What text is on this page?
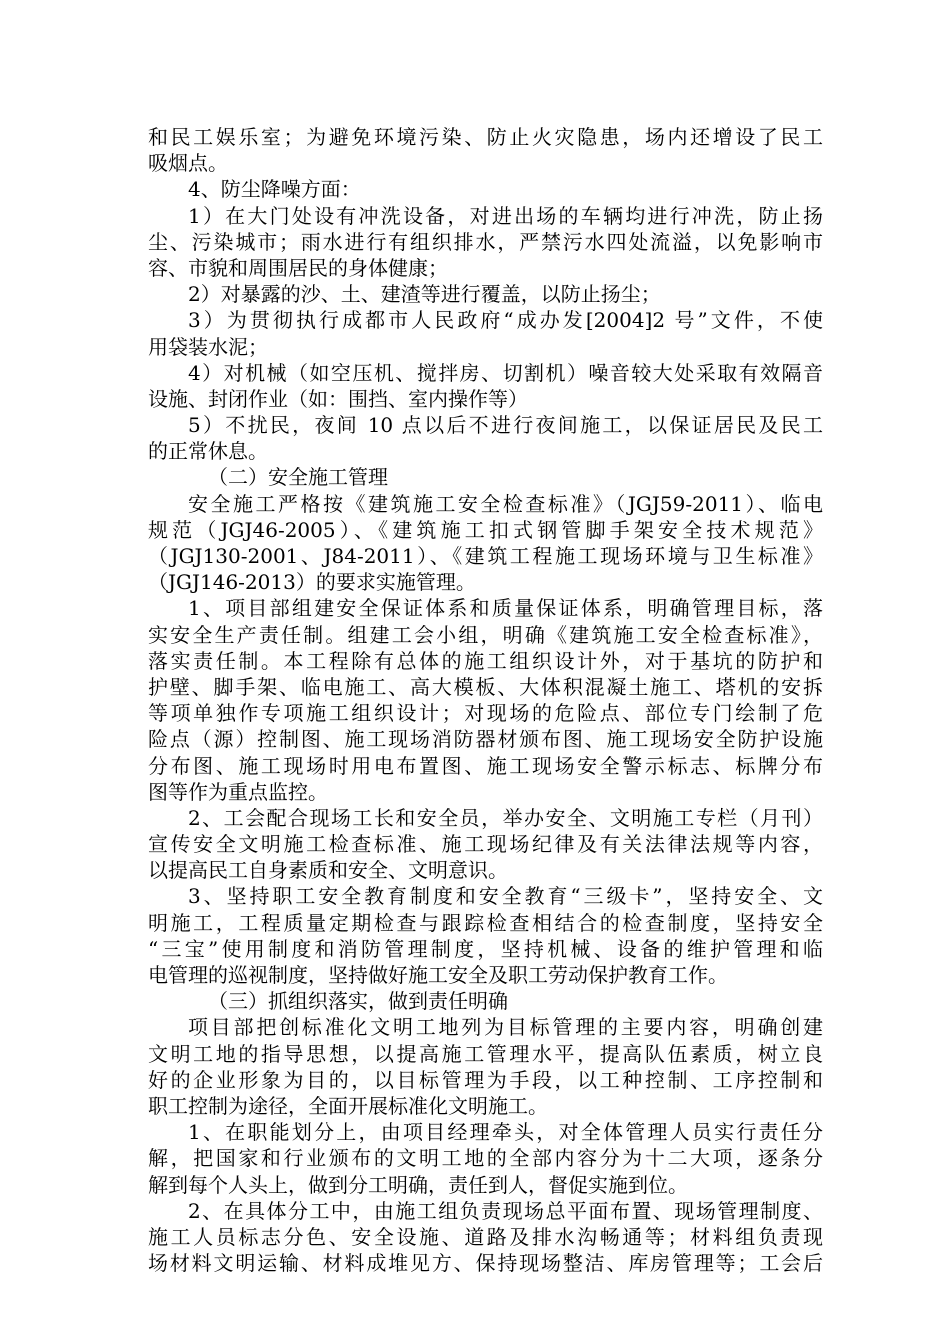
和民工娱乐室；为避免环境污染、防止火灾隐患，场内还增设了民工
吸烟点。
4、防尘降噪方面：
1）在大门处设有冲洗设备，对进出场的车辆均进行冲洗，防止扬
尘、污染城市；雨水进行有组织排水，严禁污水四处流溢，以免影响市
容、市貌和周围居民的身体健康；
2）对暴露的沙、土、建渣等进行覆盖，以防止扬尘；
3）为贯彻执行成都市人民政府“成办发[2004]2 号”文件，不使
用袋装水泥；
4）对机械（如空压机、搅拌房、切割机）噪音较大处采取有效隔音
设施、封闭作业（如：围挡、室内操作等）
5）不扰民，夜间 10 点以后不进行夜间施工，以保证居民及民工
的正常休息。
（二）安全施工管理
安全施工严格按《建筑施工安全检查标准》（JGJ59-2011）、临电
规范（JGJ46-2005）、《建筑施工扣式钢管脚手架安全技术规范》
（JGJ130-2001、J84-2011）、《建筑工程施工现场环境与卫生标准》
（JGJ146-2013）的要求实施管理。
1、项目部组建安全保证体系和质量保证体系，明确管理目标，落
实安全生产责任制。组建工会小组，明确《建筑施工安全检查标准》，
落实责任制。本工程除有总体的施工组织设计外，对于基坑的防护和
护壁、脚手架、临电施工、高大模板、大体积混凝土施工、塔机的安拆
等项单独作专项施工组织设计；对现场的危险点、部位专门绘制了危
险点（源）控制图、施工现场消防器材颁布图、施工现场安全防护设施
分布图、施工现场时用电布置图、施工现场安全警示标志、标牌分布
图等作为重点监控。
2、工会配合现场工长和安全员，举办安全、文明施工专栏（月刊）
宣传安全文明施工检查标准、施工现场纪律及有关法律法规等内容，
以提高民工自身素质和安全、文明意识。
3、坚持职工安全教育制度和安全教育“三级卡”，坚持安全、文
明施工，工程质量定期检查与跟踪检查相结合的检查制度，坚持安全
“三宝”使用制度和消防管理制度，坚持机械、设备的维护管理和临
电管理的巡视制度，坚持做好施工安全及职工劳动保护教育工作。
（三）抓组织落实，做到责任明确
项目部把创标准化文明工地列为目标管理的主要内容，明确创建
文明工地的指导思想，以提高施工管理水平，提高队伍素质，树立良
好的企业形象为目的，以目标管理为手段，以工种控制、工序控制和
职工控制为途径，全面开展标准化文明施工。
1、在职能划分上，由项目经理牵头，对全体管理人员实行责任分
解，把国家和行业颁布的文明工地的全部内容分为十二大项，逐条分
解到每个人头上，做到分工明确，责任到人，督促实施到位。
2、在具体分工中，由施工组负责现场总平面布置、现场管理制度、
施工人员标志分色、安全设施、道路及排水沟畅通等；材料组负责现
场材料文明运输、材料成堆见方、保持现场整洁、库房管理等；工会后
